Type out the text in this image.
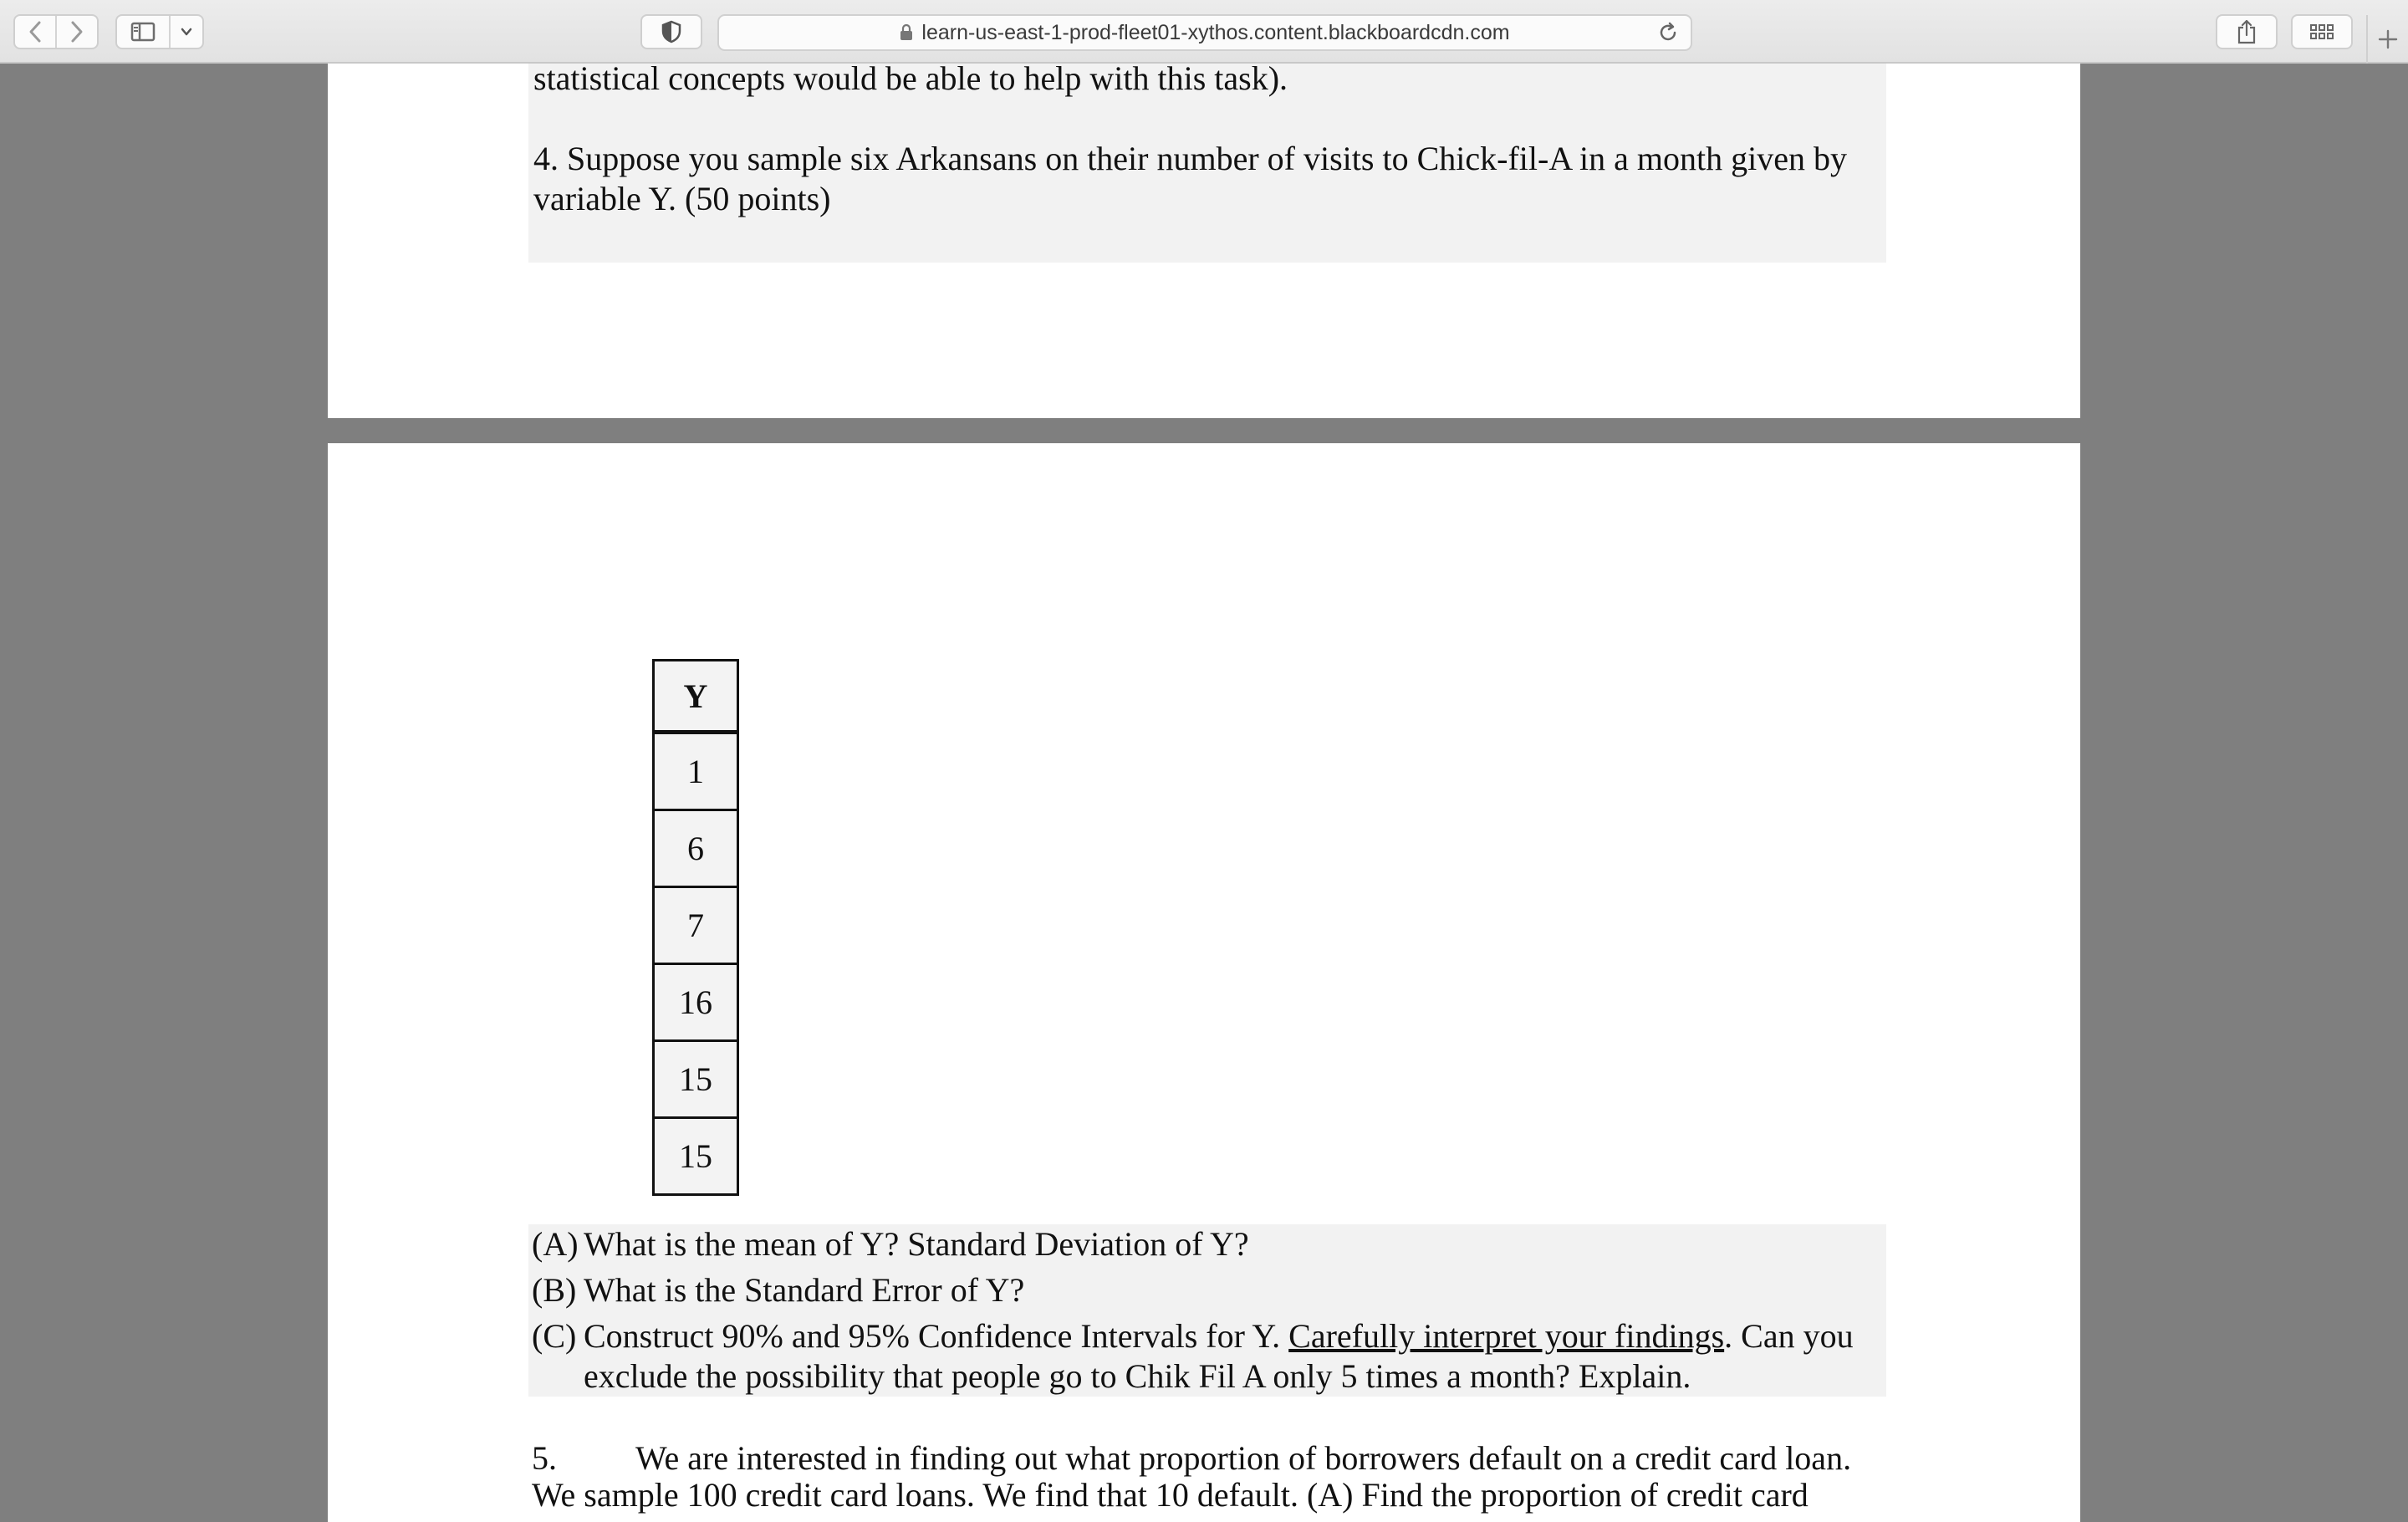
learn-us-east-1-prod-fleet01-xythos.content.blackboardcdn.com
statistical concepts would be able to help with this task).
4. Suppose you sample six Arkansans on their number of visits to Chick-fil-A in a month given by
variable Y. (50 points)
Y
1
6
7
16
15
15
(A) What is the mean of Y? Standard Deviation of Y?
(B) What is the Standard Error of Y?
(C) Construct 90% and 95% Confidence Intervals for Y. Carefully interpret your findings. Can you
exclude the possibility that people go to Chik Fil A only 5 times a month? Explain.
5. We are interested in finding out what proportion of borrowers default on a credit card loan.
We sample 100 credit card loans. We find that 10 default. (A) Find the proportion of credit card
